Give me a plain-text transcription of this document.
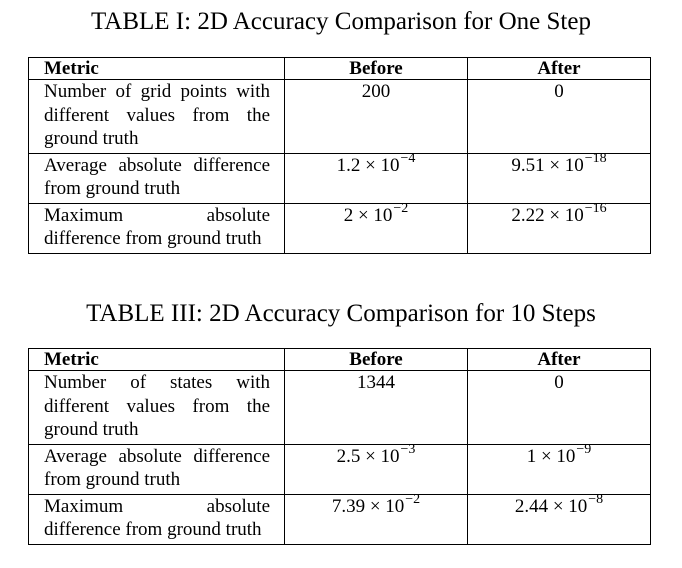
TABLE I: 2D Accuracy Comparison for One Step
Metric	Before	After
Number of grid points with different values from the ground truth	200	0
Average absolute difference from ground truth	$1.2 \times 10^{-4}$	$9.51 \times 10^{-18}$
Maximum absolute difference from ground truth	$2 \times 10^{-2}$	$2.22 \times 10^{-16}$
TABLE III: 2D Accuracy Comparison for 10 Steps
Metric	Before	After
Number of states with different values from the ground truth	1344	0
Average absolute difference from ground truth	$2.5 \times 10^{-3}$	$1 \times 10^{-9}$
Maximum absolute difference from ground truth	$7.39 \times 10^{-2}$	$2.44 \times 10^{-8}$
